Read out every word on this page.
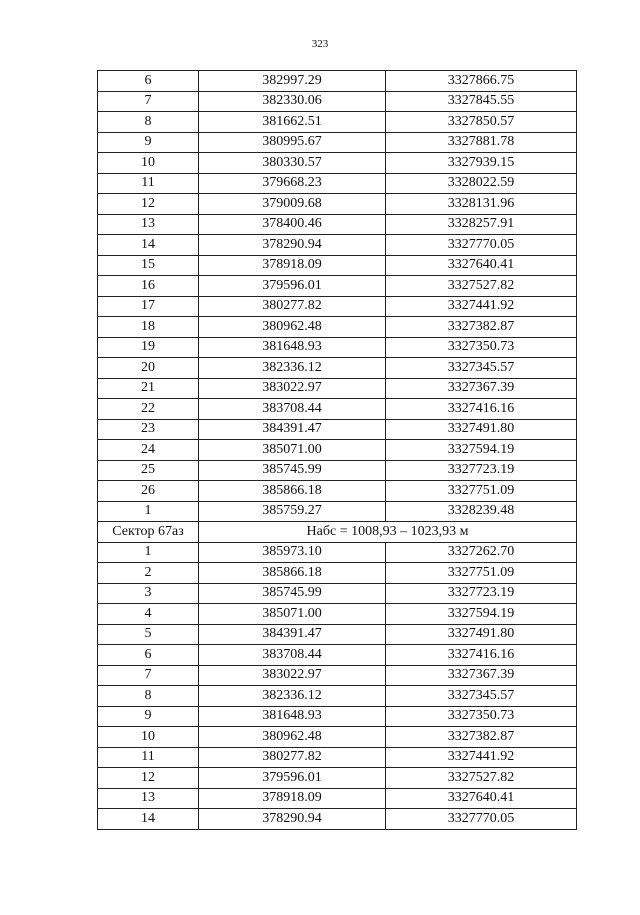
323
6	382997.29	3327866.75
7	382330.06	3327845.55
8	381662.51	3327850.57
9	380995.67	3327881.78
10	380330.57	3327939.15
11	379668.23	3328022.59
12	379009.68	3328131.96
13	378400.46	3328257.91
14	378290.94	3327770.05
15	378918.09	3327640.41
16	379596.01	3327527.82
17	380277.82	3327441.92
18	380962.48	3327382.87
19	381648.93	3327350.73
20	382336.12	3327345.57
21	383022.97	3327367.39
22	383708.44	3327416.16
23	384391.47	3327491.80
24	385071.00	3327594.19
25	385745.99	3327723.19
26	385866.18	3327751.09
1	385759.27	3328239.48
Сектор 67аз	Набс = 1008,93 – 1023,93 м	
1	385973.10	3327262.70
2	385866.18	3327751.09
3	385745.99	3327723.19
4	385071.00	3327594.19
5	384391.47	3327491.80
6	383708.44	3327416.16
7	383022.97	3327367.39
8	382336.12	3327345.57
9	381648.93	3327350.73
10	380962.48	3327382.87
11	380277.82	3327441.92
12	379596.01	3327527.82
13	378918.09	3327640.41
14	378290.94	3327770.05
